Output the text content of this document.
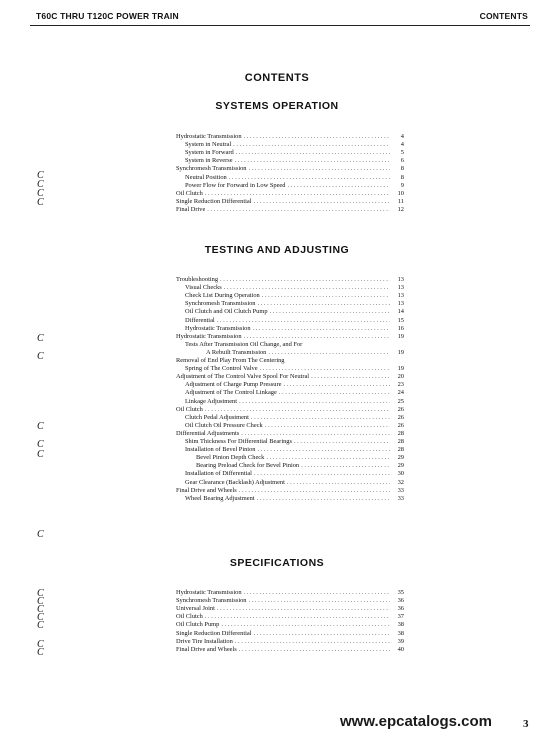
T60C THRU T120C POWER TRAIN	CONTENTS
CONTENTS
SYSTEMS OPERATION
Hydrostatic Transmission . . .	4
System in Neutral . . .	4
System in Forward . . .	5
System in Reverse . . .	6
Synchromesh Transmission . . .	8
Neutral Position . . .	8
Power Flow for Forward in Low Speed . . .	9
Oil Clutch . . .	10
Single Reduction Differential . . .	11
Final Drive . . .	12
TESTING AND ADJUSTING
Troubleshooting . . .	13
Visual Checks . . .	13
Check List During Operation . . .	13
Synchromesh Transmission . . .	13
Oil Clutch and Oil Clutch Pump . . .	14
Differential . . .	15
Hydrostatic Transmission . . .	16
Hydrostatic Transmission . . .	19
Tests After Transmission Oil Change, and For
A Rebuilt Transmission . . .	19
Removal of End Play From The Centering
Spring of The Control Valve . . .	19
Adjustment of The Control Valve Spool For Neutral . . .	20
Adjustment of Charge Pump Pressure . . .	23
Adjustment of The Control Linkage . . .	24
Linkage Adjustment . . .	25
Oil Clutch . . .	26
Clutch Pedal Adjustment . . .	26
Oil Clutch Oil Pressure Check . . .	26
Differential Adjustments . . .	28
Shim Thickness For Differential Bearings . . .	28
Installation of Bevel Pinion . . .	28
Bevel Pinion Depth Check . . .	29
Bearing Preload Check for Bevel Pinion . . .	29
Installation of Differential . . .	30
Gear Clearance (Backlash) Adjustment . . .	32
Final Drive and Wheels . . .	33
Wheel Bearing Adjustment . . .	33
SPECIFICATIONS
Hydrostatic Transmission . . .	35
Synchromesh Transmission . . .	36
Universal Joint . . .	36
Oil Clutch . . .	37
Oil Clutch Pump . . .	38
Single Reduction Differential . . .	38
Drive Tire Installation . . .	39
Final Drive and Wheels . . .	40
C
C
C
C
C
C
C
C
C
C
C
C
C
C
C
C
C
www.epcatalogs.com	3
